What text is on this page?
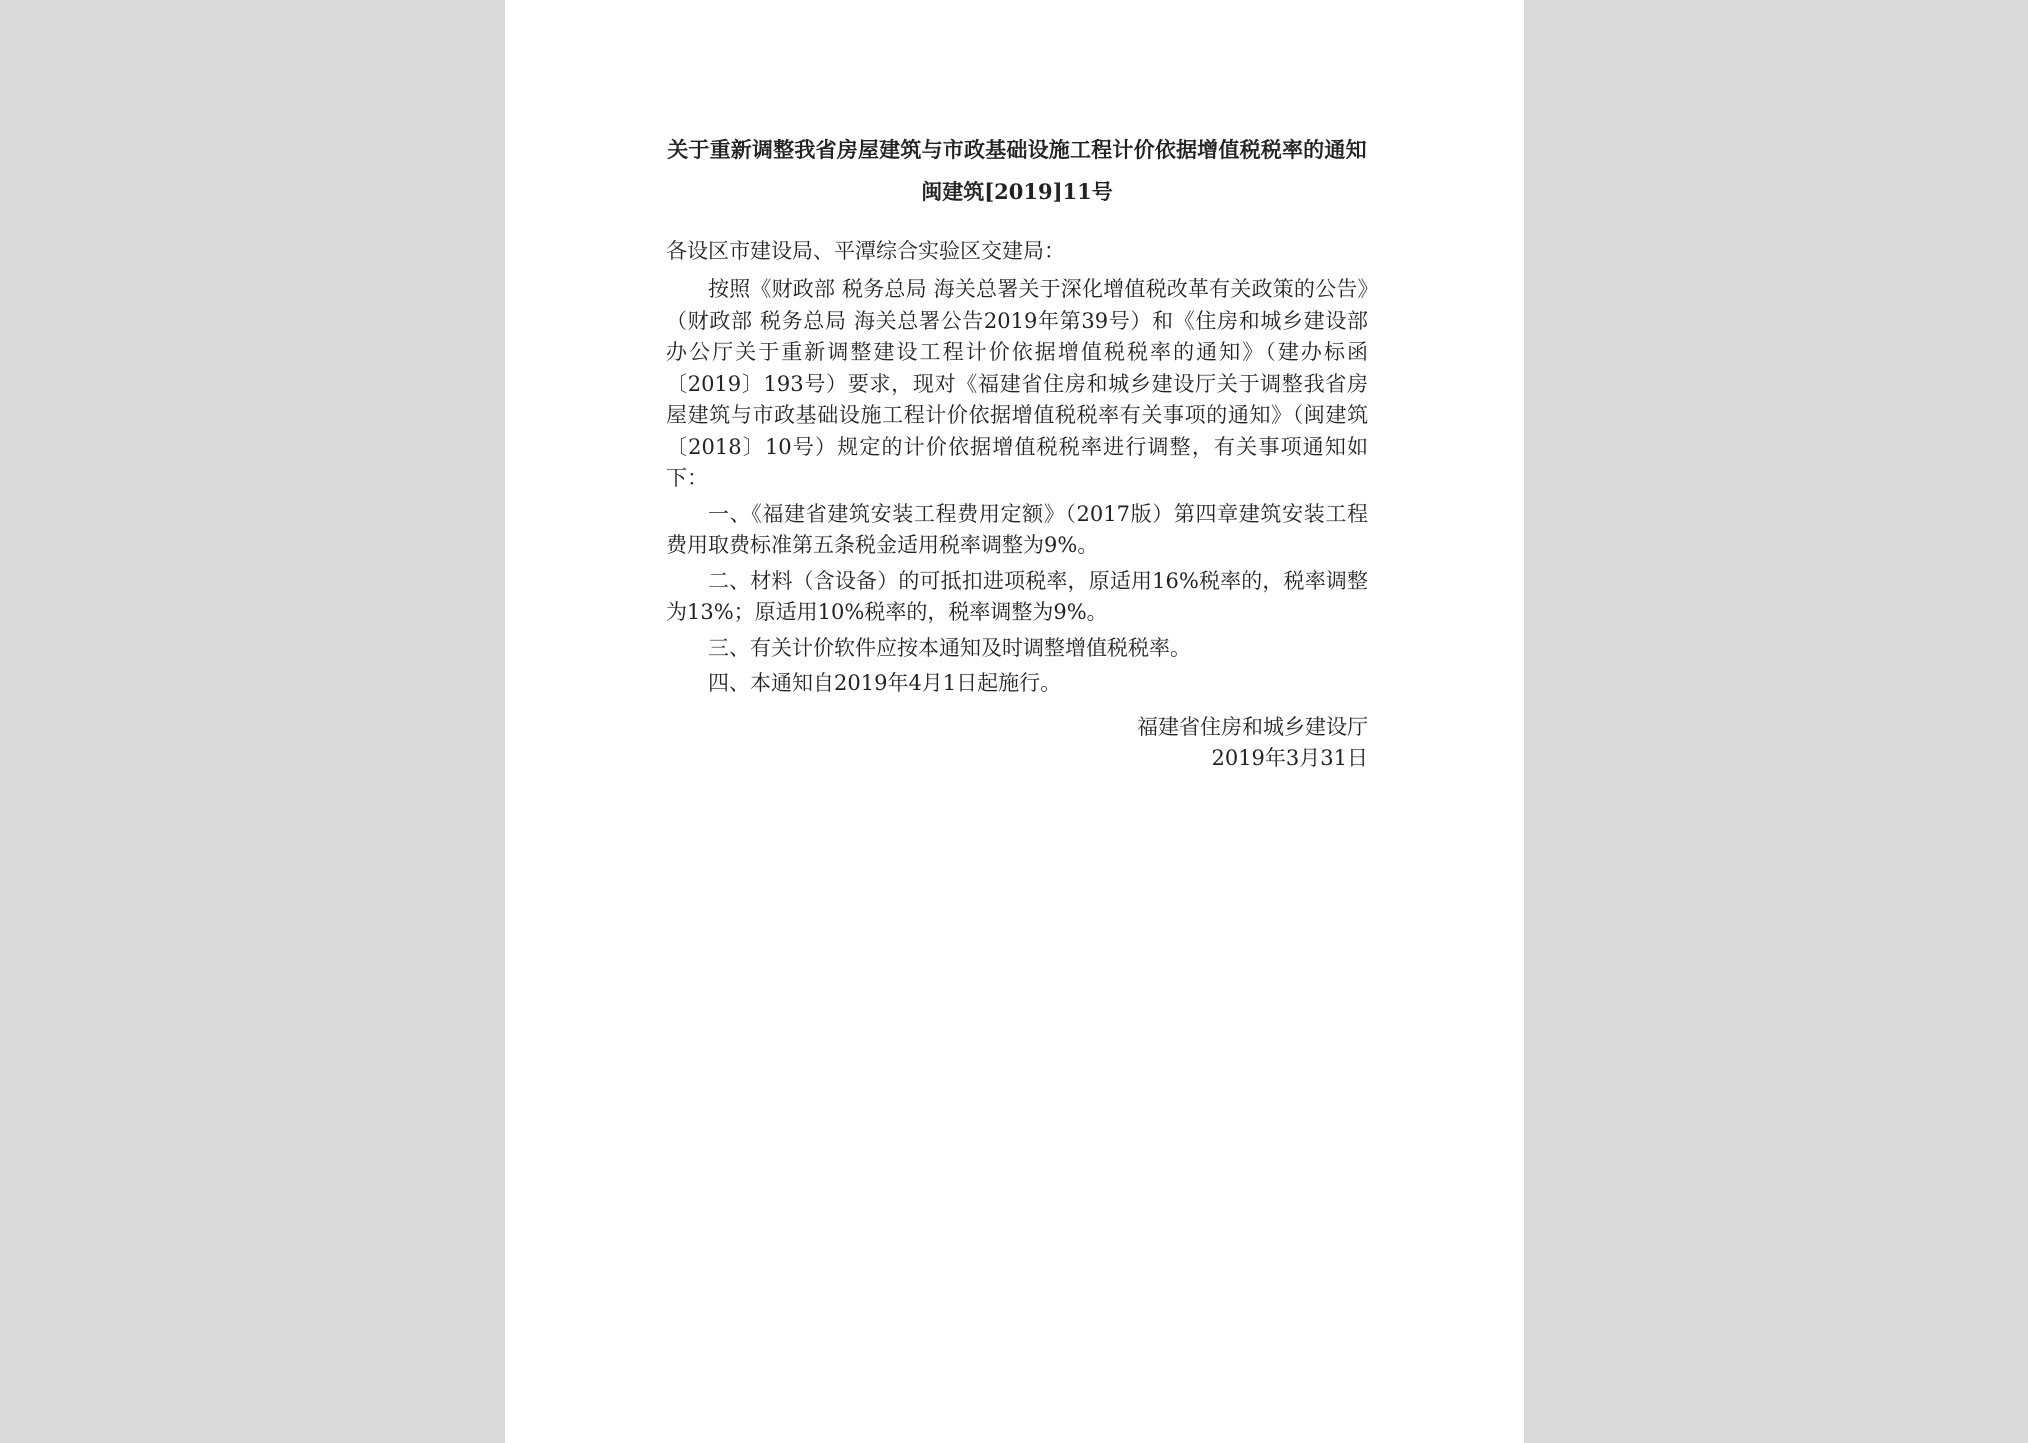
关于重新调整我省房屋建筑与市政基础设施工程计价依据增值税税率的通知
闽建筑[2019]11号
各设区市建设局、平潭综合实验区交建局：

按照《财政部 税务总局 海关总署关于深化增值税改革有关政策的公告》（财政部 税务总局 海关总署公告2019年第39号）和《住房和城乡建设部办公厅关于重新调整建设工程计价依据增值税税率的通知》（建办标函〔2019〕193号）要求，现对《福建省住房和城乡建设厅关于调整我省房屋建筑与市政基础设施工程计价依据增值税税率有关事项的通知》（闽建筑〔2018〕10号）规定的计价依据增值税税率进行调整，有关事项通知如下：

一、《福建省建筑安装工程费用定额》（2017版）第四章建筑安装工程费用取费标准第五条税金适用税率调整为9%。

二、材料（含设备）的可抵扣进项税率，原适用16%税率的，税率调整为13%；原适用10%税率的，税率调整为9%。

三、有关计价软件应按本通知及时调整增值税税率。

四、本通知自2019年4月1日起施行。

福建省住房和城乡建设厅
2019年3月31日
